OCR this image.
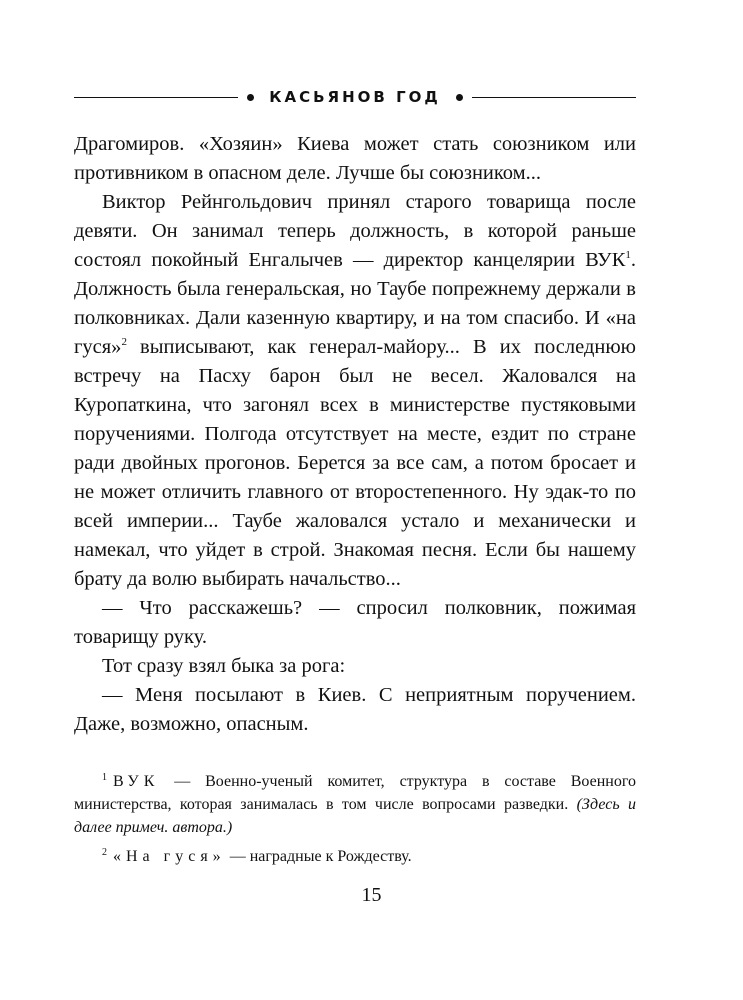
КАСЬЯНОВ ГОД

Драгомиров. «Хозяин» Киева может стать союзником или противником в опасном деле. Лучше бы союзником...

Виктор Рейнгольдович принял старого товарища после девяти. Он занимал теперь должность, в которой раньше состоял покойный Енгалычев — директор канцелярии ВУК$^1$. Должность была генеральская, но Таубе попрежнему держали в полковниках. Дали казенную квартиру, и на том спасибо. И «на гуся»$^2$ выписывают, как генерал-майору... В их последнюю встречу на Пасху барон был не весел. Жаловался на Куропаткина, что загонял всех в министерстве пустяковыми поручениями. Полгода отсутствует на месте, ездит по стране ради двойных прогонов. Берется за все сам, а потом бросает и не может отличить главного от второстепенного. Ну эдак-то по всей империи... Таубе жаловался устало и механически и намекал, что уйдет в строй. Знакомая песня. Если бы нашему брату да волю выбирать начальство...

— Что расскажешь? — спросил полковник, пожимая товарищу руку.

Тот сразу взял быка за рога:

— Меня посылают в Киев. С неприятным поручением. Даже, возможно, опасным.

$^1$ ВУК — Военно-ученый комитет, структура в составе Военного министерства, которая занималась в том числе вопросами разведки. (Здесь и далее примеч. автора.)

$^2$ «На гуся» — наградные к Рождеству.

15
